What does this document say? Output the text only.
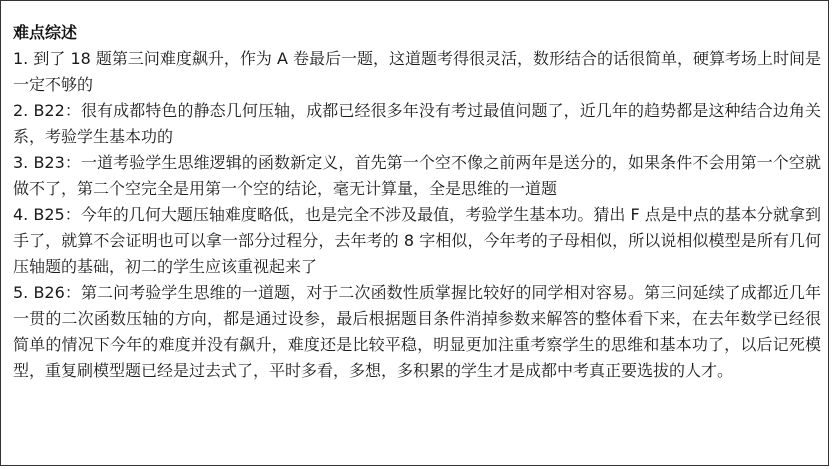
难点综述

1. 到了 18 题第三问难度飙升，作为 A 卷最后一题，这道题考得很灵活，数形结合的话很简单，硬算考场上时间是一定不够的

2. B22：很有成都特色的静态几何压轴，成都已经很多年没有考过最值问题了，近几年的趋势都是这种结合边角关系，考验学生基本功的

3. B23：一道考验学生思维逻辑的函数新定义，首先第一个空不像之前两年是送分的，如果条件不会用第一个空就做不了，第二个空完全是用第一个空的结论，毫无计算量，全是思维的一道题

4. B25：今年的几何大题压轴难度略低，也是完全不涉及最值，考验学生基本功。猜出 F 点是中点的基本分就拿到手了，就算不会证明也可以拿一部分过程分，去年考的 8 字相似，今年考的子母相似，所以说相似模型是所有几何压轴题的基础，初二的学生应该重视起来了

5. B26：第二问考验学生思维的一道题，对于二次函数性质掌握比较好的同学相对容易。第三问延续了成都近几年一贯的二次函数压轴的方向，都是通过设参，最后根据题目条件消掉参数来解答的整体看下来，在去年数学已经很简单的情况下今年的难度并没有飙升，难度还是比较平稳，明显更加注重考察学生的思维和基本功了，以后记死模型，重复刷模型题已经是过去式了，平时多看，多想，多积累的学生才是成都中考真正要选拔的人才。
